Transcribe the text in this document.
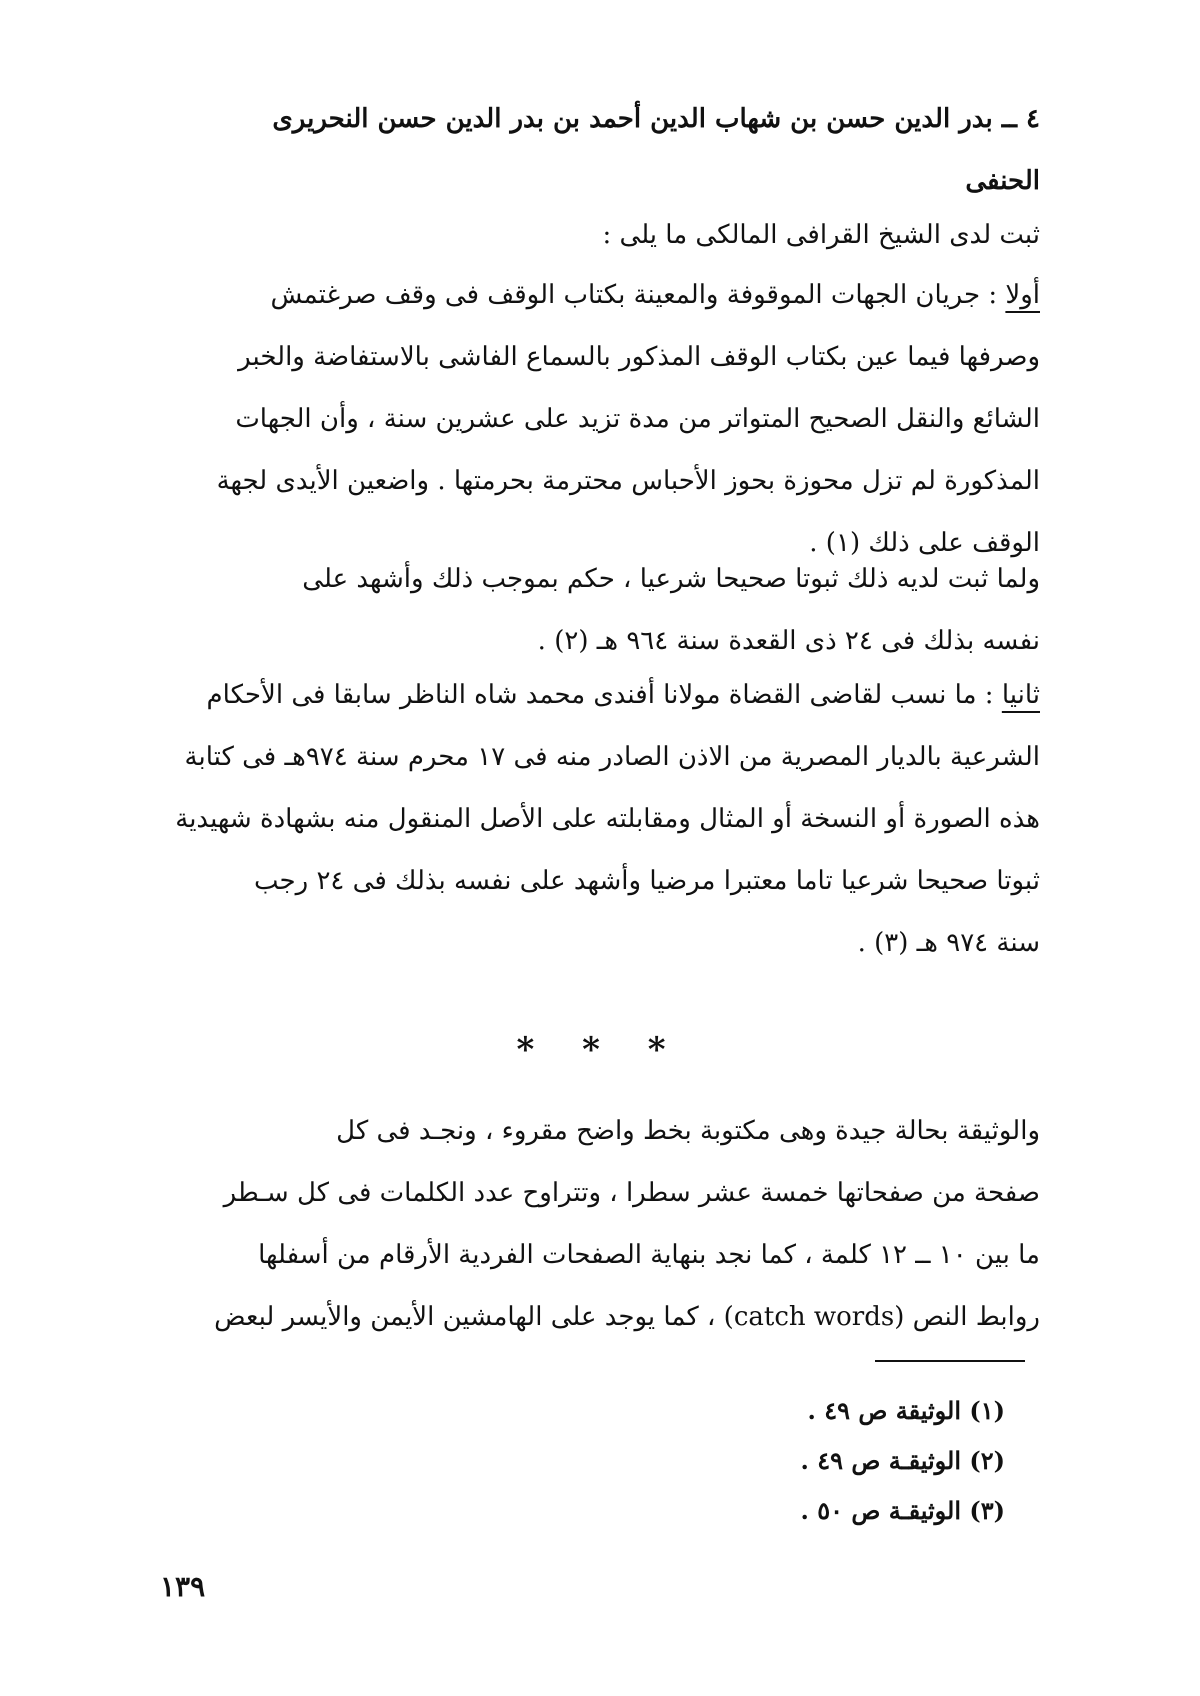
٤ ــ بدر الدين حسن بن شهاب الدين أحمد بن بدر الدين حسن النحريرى
الحنفى
ثبت لدى الشيخ القرافى المالكى ما يلى :
أولا : جريان الجهات الموقوفة والمعينة بكتاب الوقف فى وقف صرغتمش
وصرفها فيما عين بكتاب الوقف المذكور بالسماع الفاشى بالاستفاضة والخبر
الشائع والنقل الصحيح المتواتر من مدة تزيد على عشرين سنة ، وأن الجهات
المذكورة لم تزل محوزة بحوز الأحباس محترمة بحرمتها . واضعين الأيدى لجهة
الوقف على ذلك (١) .
ولما ثبت لديه ذلك ثبوتا صحيحا شرعيا ، حكم بموجب ذلك وأشهد على
نفسه بذلك فى ٢٤ ذى القعدة سنة ٩٦٤ هـ (٢) .
ثانيا : ما نسب لقاضى القضاة مولانا أفندى محمد شاه الناظر سابقا فى الأحكام
الشرعية بالديار المصرية من الاذن الصادر منه فى ١٧ محرم سنة ٩٧٤هـ فى كتابة
هذه الصورة أو النسخة أو المثال ومقابلته على الأصل المنقول منه بشهادة شهيدية
ثبوتا صحيحا شرعيا تاما معتبرا مرضيا وأشهد على نفسه بذلك فى ٢٤ رجب
سنة ٩٧٤ هـ (٣) .
* * *
والوثيقة بحالة جيدة وهى مكتوبة بخط واضح مقروء ، ونجـد فى كل
صفحة من صفحاتها خمسة عشر سطرا ، وتتراوح عدد الكلمات فى كل سـطر
ما بين ١٠ ــ ١٢ كلمة ، كما نجد بنهاية الصفحات الفردية الأرقام من أسفلها
روابط النص (catch words) ، كما يوجد على الهامشين الأيمن والأيسر لبعض
(١) الوثيقة ص ٤٩ .
(٢) الوثيقـة ص ٤٩ .
(٣) الوثيقـة ص ٥٠ .
١٣٩
